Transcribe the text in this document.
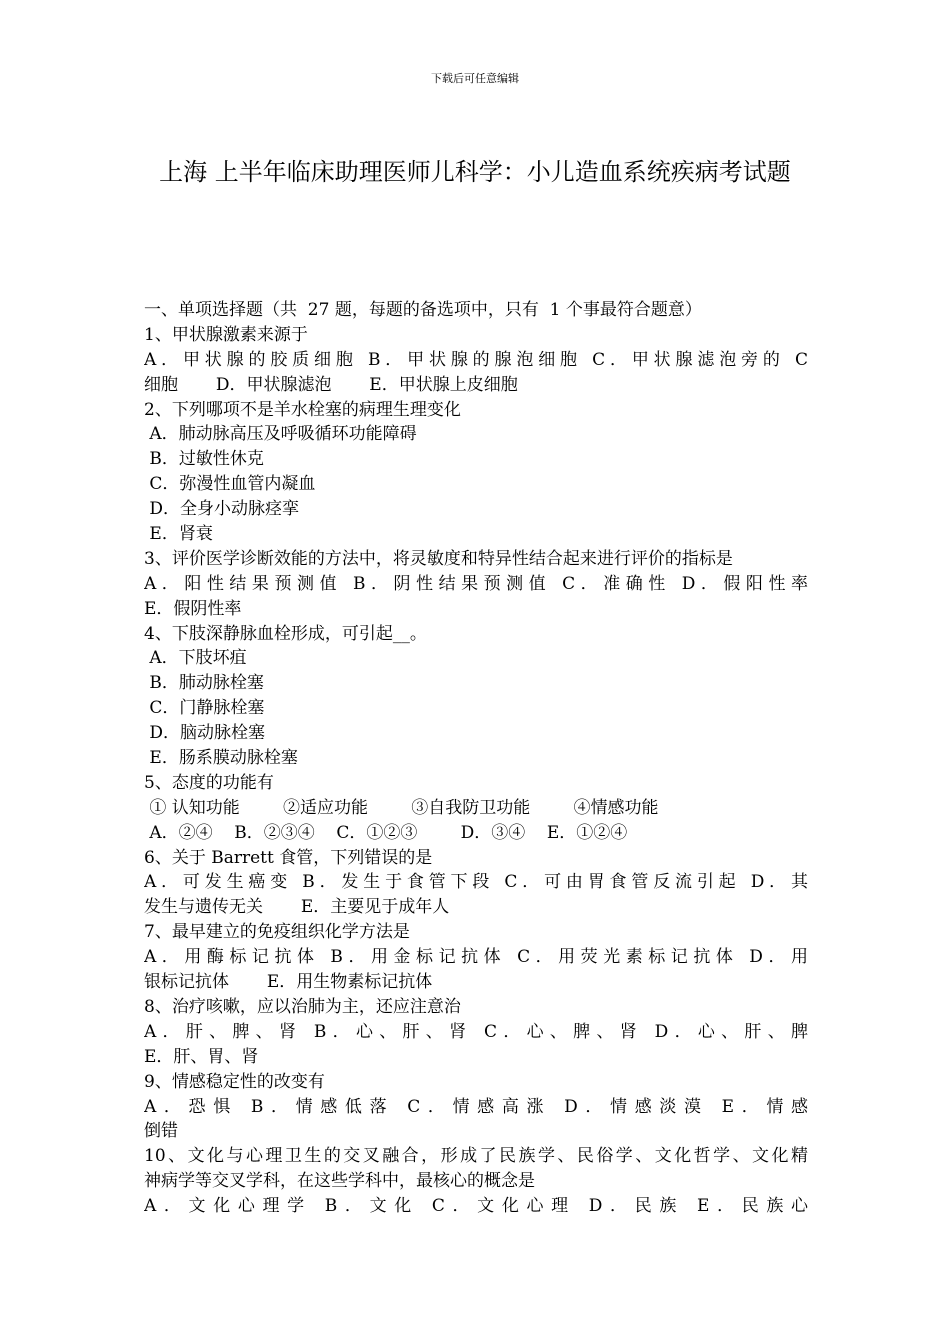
下载后可任意编辑
上海 上半年临床助理医师儿科学：小儿造血系统疾病考试题
一、单项选择题（共  27 题，每题的备选项中，只有  1 个事最符合题意）
1、甲状腺激素来源于
A．甲状腺的胶质细胞 B．甲状腺的腺泡细胞 C．甲状腺滤泡旁的 C
细胞       D．甲状腺滤泡       E．甲状腺上皮细胞
2、下列哪项不是羊水栓塞的病理生理变化
A．肺动脉高压及呼吸循环功能障碍
B．过敏性休克
C．弥漫性血管内凝血
D．全身小动脉痉挛
E．肾衰
3、评价医学诊断效能的方法中，将灵敏度和特异性结合起来进行评价的指标是
A．阳性结果预测值 B．阴性结果预测值 C．准确性 D．假阳性率
E．假阴性率
4、下肢深静脉血栓形成，可引起__。
A．下肢坏疽
B．肺动脉栓塞
C．门静脉栓塞
D．脑动脉栓塞
E．肠系膜动脉栓塞
5、态度的功能有
① 认知功能        ②适应功能        ③自我防卫功能        ④情感功能
A．②④    B．②③④    C．①②③        D．③④    E．①②④
6、关于 Barrett 食管，下列错误的是
A．可发生癌变 B．发生于食管下段 C．可由胃食管反流引起 D．其
发生与遗传无关       E．主要见于成年人
7、最早建立的免疫组织化学方法是
A．用酶标记抗体 B．用金标记抗体 C．用荧光素标记抗体 D．用
银标记抗体       E．用生物素标记抗体
8、治疗咳嗽，应以治肺为主，还应注意治
A．肝、脾、肾 B．心、肝、肾 C．心、脾、肾 D．心、肝、脾
E．肝、胃、肾
9、情感稳定性的改变有
A．恐惧 B．情感低落 C．情感高涨 D．情感淡漠 E．情感
倒错
10、文化与心理卫生的交叉融合，形成了民族学、民俗学、文化哲学、文化精
神病学等交叉学科，在这些学科中，最核心的概念是
A．文化心理学 B．文化 C．文化心理 D．民族 E．民族心
